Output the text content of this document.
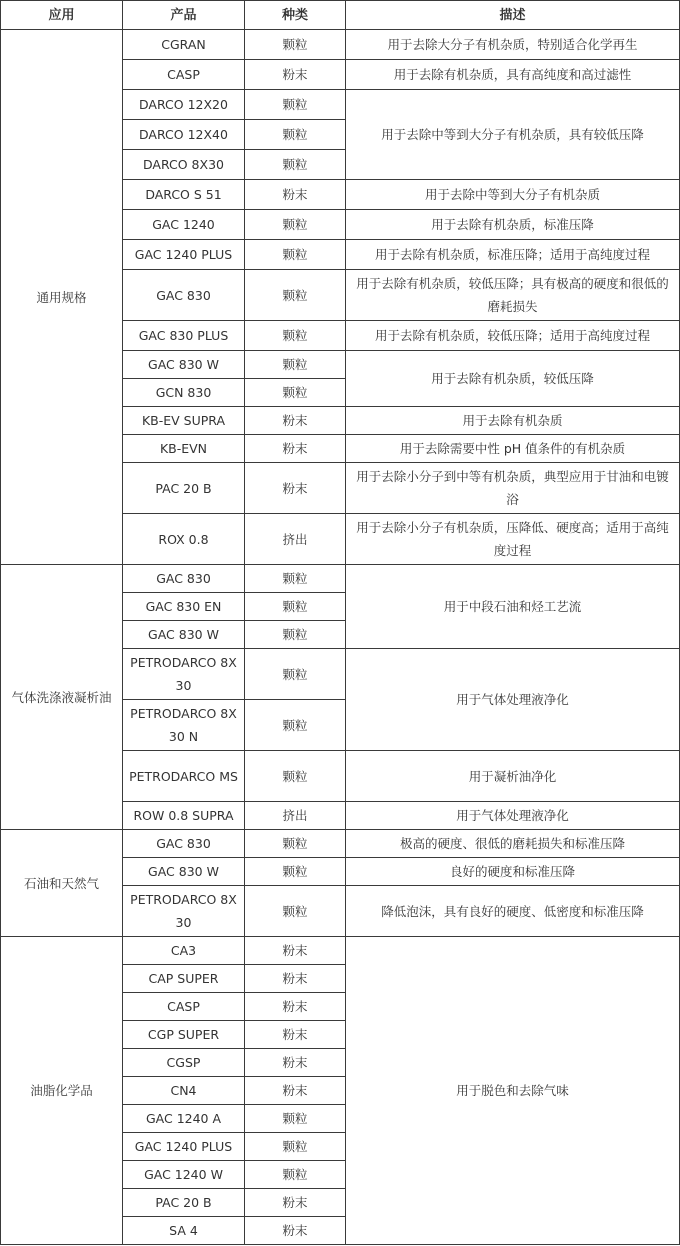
应用	产品	种类	描述
通用规格	CGRAN	颗粒	用于去除大分子有机杂质，特别适合化学再生
	CASP	粉末	用于去除有机杂质，具有高纯度和高过滤性
	DARCO 12X20	颗粒	用于去除中等到大分子有机杂质，具有较低压降
	DARCO 12X40	颗粒	
	DARCO 8X30	颗粒	
	DARCO S 51	粉末	用于去除中等到大分子有机杂质
	GAC 1240	颗粒	用于去除有机杂质，标准压降
	GAC 1240 PLUS	颗粒	用于去除有机杂质，标准压降；适用于高纯度过程
	GAC 830	颗粒	用于去除有机杂质，较低压降；具有极高的硬度和很低的磨耗损失
	GAC 830 PLUS	颗粒	用于去除有机杂质，较低压降；适用于高纯度过程
	GAC 830 W	颗粒	用于去除有机杂质，较低压降
	GCN 830	颗粒	
	KB-EV SUPRA	粉末	用于去除有机杂质
	KB-EVN	粉末	用于去除需要中性 pH 值条件的有机杂质
	PAC 20 B	粉末	用于去除小分子到中等有机杂质，典型应用于甘油和电镀浴
	ROX 0.8	挤出	用于去除小分子有机杂质，压降低、硬度高；适用于高纯度过程
气体洗涤液凝析油	GAC 830	颗粒	用于中段石油和烃工艺流
	GAC 830 EN	颗粒	
	GAC 830 W	颗粒	
	PETRODARCO 8X30	颗粒	用于气体处理液净化
	PETRODARCO 8X30 N	颗粒	
	PETRODARCO MS	颗粒	用于凝析油净化
	ROW 0.8 SUPRA	挤出	用于气体处理液净化
石油和天然气	GAC 830	颗粒	极高的硬度、很低的磨耗损失和标准压降
	GAC 830 W	颗粒	良好的硬度和标准压降
	PETRODARCO 8X30	颗粒	降低泡沫，具有良好的硬度、低密度和标准压降
油脂化学品	CA3	粉末	用于脱色和去除气味
	CAP SUPER	粉末	
	CASP	粉末	
	CGP SUPER	粉末	
	CGSP	粉末	
	CN4	粉末	
	GAC 1240 A	颗粒	
	GAC 1240 PLUS	颗粒	
	GAC 1240 W	颗粒	
	PAC 20 B	粉末	
	SA 4	粉末	
